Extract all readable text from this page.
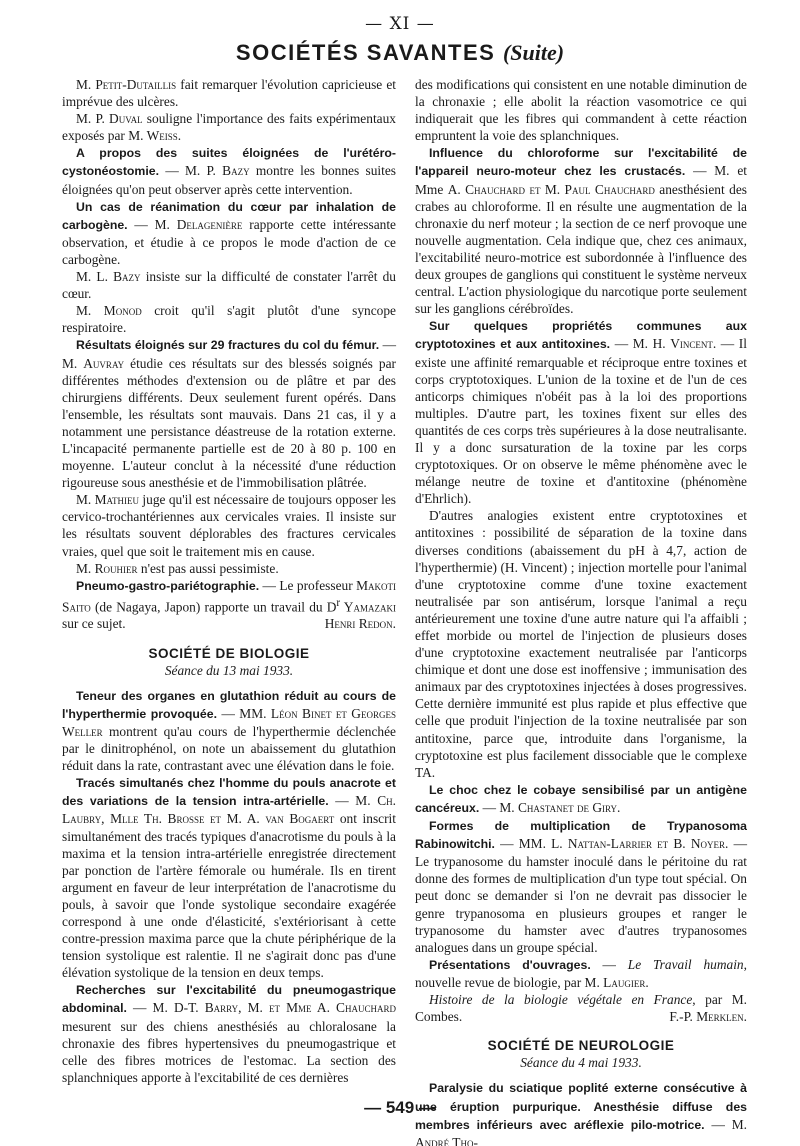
— XI —
SOCIÉTÉS SAVANTES (Suite)

M. Petit-Dutaillis fait remarquer l'évolution capricieuse et imprévue des ulcères.

M. P. Duval souligne l'importance des faits expérimentaux exposés par M. Weiss.

A propos des suites éloignées de l'urétéro-cystonéostomie. — M. P. Bazy montre les bonnes suites éloignées qu'on peut observer après cette intervention.

Un cas de réanimation du cœur par inhalation de carbogène. — M. Delagenière rapporte cette intéressante observation, et étudie à ce propos le mode d'action de ce carbogène.

M. L. Bazy insiste sur la difficulté de constater l'arrêt du cœur.

M. Monod croit qu'il s'agit plutôt d'une syncope respiratoire.

Résultats éloignés sur 29 fractures du col du fémur. — M. Auvray étudie ces résultats sur des blessés soignés par différentes méthodes d'extension ou de plâtre et par des chirurgiens différents. Deux seulement furent opérés. Dans l'ensemble, les résultats sont mauvais. Dans 21 cas, il y a notamment une persistance déastreuse de la rotation externe. L'incapacité permanente partielle est de 20 à 80 p. 100 en moyenne. L'auteur conclut à la nécessité d'une réduction rigoureuse sous anesthésie et de l'immobilisation plâtrée.

M. Mathieu juge qu'il est nécessaire de toujours opposer les cervico-trochantériennes aux cervicales vraies. Il insiste sur les résultats souvent déplorables des fractures cervicales vraies, quel que soit le traitement mis en cause.

M. Rouhier n'est pas aussi pessimiste.

Pneumo-gastro-pariétographie. — Le professeur Makoti Saito (de Nagaya, Japon) rapporte un travail du $D^r$ Yamazaki sur ce sujet.	Henri Redon.

SOCIÉTÉ DE BIOLOGIE
Séance du 13 mai 1933.

Teneur des organes en glutathion réduit au cours de l'hyperthermie provoquée. — MM. Léon Binet et Georges Weller montrent qu'au cours de l'hyperthermie déclenchée par le dinitrophénol, on note un abaissement du glutathion réduit dans la rate, contrastant avec une élévation dans le foie.

Tracés simultanés chez l'homme du pouls anacrote et des variations de la tension intra-artérielle. — M. Ch. Laubry, Mlle Th. Brosse et M. A. van Bogaert ont inscrit simultanément des tracés typiques d'anacrotisme du pouls à la maxima et la tension intra-artérielle enregistrée directement par ponction de l'artère fémorale ou humérale. Ils en tirent argument en faveur de leur interprétation de l'anacrotisme du pouls, à savoir que l'onde systolique secondaire exagérée correspond à une onde d'élasticité, s'extériorisant à cette contre-pression maxima parce que la chute périphérique de la tension systolique est ralentie. Il ne s'agirait donc pas d'une élévation systolique de la tension en deux temps.

Recherches sur l'excitabilité du pneumogastrique abdominal. — M. D-T. Barry, M. et Mme A. Chauchard mesurent sur des chiens anesthésiés au chloralosane la chronaxie des fibres hypertensives du pneumogastrique et celle des fibres motrices de l'estomac. La section des splanchniques apporte à l'excitabilité de ces dernières

des modifications qui consistent en une notable diminution de la chronaxie ; elle abolit la réaction vasomotrice ce qui indiquerait que les fibres qui commandent à cette réaction empruntent la voie des splanchniques.

Influence du chloroforme sur l'excitabilité de l'appareil neuro-moteur chez les crustacés. — M. et Mme A. Chauchard et M. Paul Chauchard anesthésient des crabes au chloroforme. Il en résulte une augmentation de la chronaxie du nerf moteur ; la section de ce nerf provoque une nouvelle augmentation. Cela indique que, chez ces animaux, l'excitabilité neuro-motrice est subordonnée à l'influence des deux groupes de ganglions qui constituent le système nerveux central. L'action physiologique du narcotique porte seulement sur les ganglions cérébroïdes.

Sur quelques propriétés communes aux cryptotoxines et aux antitoxines. — M. H. Vincent. — Il existe une affinité remarquable et réciproque entre toxines et corps cryptotoxiques. L'union de la toxine et de l'un de ces anticorps chimiques n'obéit pas à la loi des proportions multiples. D'autre part, les toxines fixent sur elles des quantités de ces corps très supérieures à la dose neutralisante. Il y a donc sursaturation de la toxine par les corps cryptotoxiques. Or on observe le même phénomène avec le mélange neutre de toxine et d'antitoxine (phénomène d'Ehrlich).

D'autres analogies existent entre cryptotoxines et antitoxines : possibilité de séparation de la toxine dans diverses conditions (abaissement du pH à 4,7, action de l'hyperthermie) (H. Vincent) ; injection mortelle pour l'animal d'une cryptotoxine comme d'une toxine exactement neutralisée par son antisérum, lorsque l'animal a reçu antérieurement une toxine d'une autre nature qui l'a affaibli ; effet morbide ou mortel de l'injection de plusieurs doses d'une cryptotoxine exactement neutralisée par l'anticorps chimique et dont une dose est inoffensive ; immunisation des animaux par des cryptotoxines injectées à doses progressives. Cette dernière immunité est plus rapide et plus effective que celle que produit l'injection de la toxine neutralisée par son antitoxine, parce que, introduite dans l'organisme, la cryptotoxine est plus facilement dissociable que le complexe TA.

Le choc chez le cobaye sensibilisé par un antigène cancéreux. — M. Chastanet de Giry.

Formes de multiplication de Trypanosoma Rabinowitchi. — MM. L. Nattan-Larrier et B. Noyer. — Le trypanosome du hamster inoculé dans le péritoine du rat donne des formes de multiplication d'un type tout spécial. On peut donc se demander si l'on ne devrait pas dissocier le genre trypanosoma en plusieurs groupes et ranger le trypanosome du hamster avec d'autres trypanosomes analogues dans un groupe spécial.

Présentations d'ouvrages. — Le Travail humain, nouvelle revue de biologie, par M. Laugier.

Histoire de la biologie végétale en France, par M. Combes.	F.-P. Merklen.

SOCIÉTÉ DE NEUROLOGIE
Séance du 4 mai 1933.

Paralysie du sciatique poplité externe consécutive à une éruption purpurique. Anesthésie diffuse des membres inférieurs avec aréflexie pilo-motrice. — M. André Tho-

— 549 —
